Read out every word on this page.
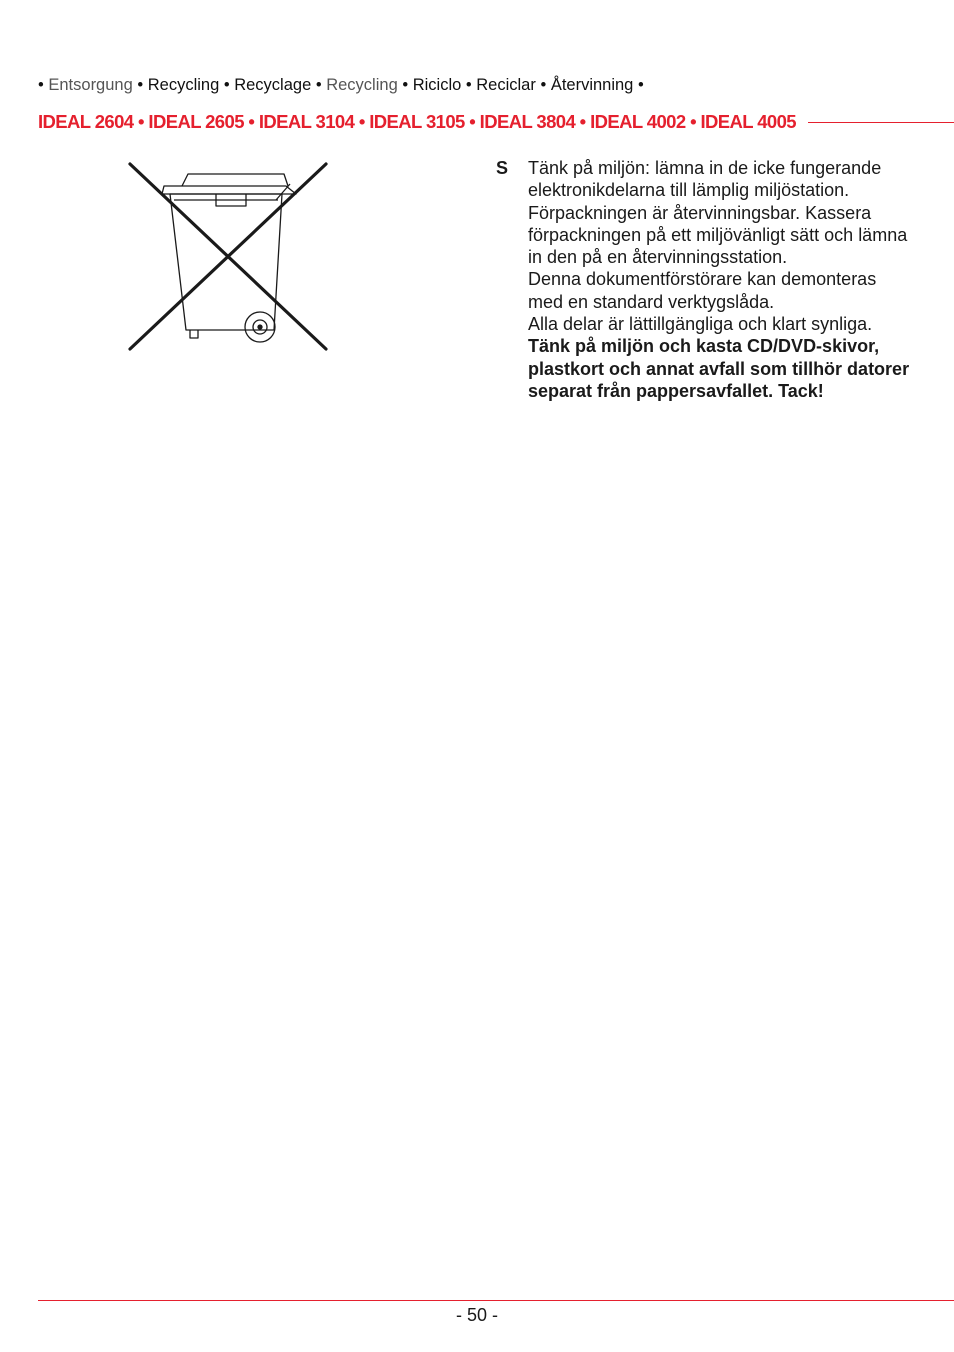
• Entsorgung • Recycling • Recyclage • Recycling • Riciclo • Reciclar • Återvinning •
IDEAL 2604 • IDEAL 2605 • IDEAL 3104 • IDEAL 3105 • IDEAL 3804 • IDEAL 4002 • IDEAL 4005
S Tänk på miljön: lämna in de icke fungerande elektronikdelarna till lämplig miljöstation. Förpackningen är återvinningsbar. Kassera förpackningen på ett miljövänligt sätt och lämna in den på en återvinningsstation.

Denna dokumentförstörare kan demonteras med en standard verktygslåda.

Alla delar är lättillgängliga och klart synliga.

Tänk på miljön och kasta CD/DVD-skivor, plastkort och annat avfall som tillhör datorer separat från pappersavfallet. Tack!

- 50 -
